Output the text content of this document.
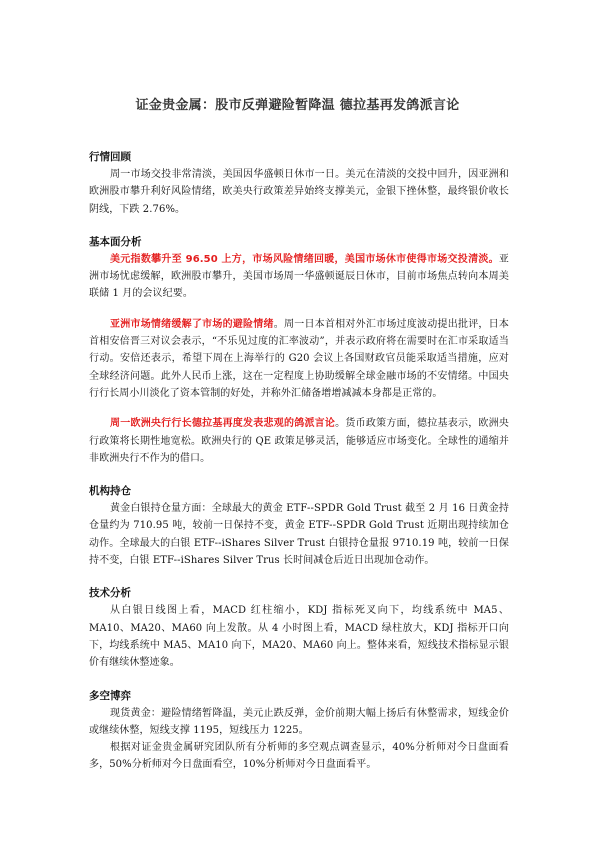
证金贵金属：股市反弹避险暂降温 德拉基再发鸽派言论
行情回顾

周一市场交投非常清淡，美国因华盛顿日休市一日。美元在清淡的交投中回升，因亚洲和欧洲股市攀升利好风险情绪，欧美央行政策差异始终支撑美元，金银下挫休整，最终银价收长阴线，下跌 2.76%。

基本面分析

美元指数攀升至 96.50 上方，市场风险情绪回暖，美国市场休市使得市场交投清淡。亚洲市场忧虑缓解，欧洲股市攀升，美国市场周一华盛顿诞辰日休市，目前市场焦点转向本周美联储 1 月的会议纪要。

亚洲市场情绪缓解了市场的避险情绪。周一日本首相对外汇市场过度波动提出批评，日本首相安倍晋三对议会表示，“不乐见过度的汇率波动”，并表示政府将在需要时在汇市采取适当行动。安倍还表示，希望下周在上海举行的 G20 会议上各国财政官员能采取适当措施，应对全球经济问题。此外人民币上涨，这在一定程度上协助缓解全球金融市场的不安情绪。中国央行行长周小川淡化了资本管制的好处，并称外汇储备增增减减本身都是正常的。

周一欧洲央行行长德拉基再度发表悲观的鸽派言论。货币政策方面，德拉基表示，欧洲央行政策将长期性地宽松。欧洲央行的 QE 政策足够灵活，能够适应市场变化。全球性的通缩并非欧洲央行不作为的借口。

机构持仓

黄金白银持仓量方面：全球最大的黄金 ETF--SPDR Gold Trust 截至 2 月 16 日黄金持仓量约为 710.95 吨，较前一日保持不变，黄金 ETF--SPDR Gold Trust 近期出现持续加仓动作。全球最大的白银 ETF--iShares Silver Trust 白银持仓量报 9710.19 吨，较前一日保持不变，白银 ETF--iShares Silver Trus 长时间减仓后近日出现加仓动作。

技术分析

从白银日线图上看，MACD 红柱缩小，KDJ 指标死叉向下，均线系统中 MA5、MA10、MA20、MA60 向上发散。从 4 小时图上看，MACD 绿柱放大，KDJ 指标开口向下，均线系统中 MA5、MA10 向下，MA20、MA60 向上。整体来看，短线技术指标显示银价有继续休整迹象。

多空博弈

现货黄金：避险情绪暂降温，美元止跌反弹，金价前期大幅上扬后有休整需求，短线金价或继续休整，短线支撑 1195，短线压力 1225。

根据对证金贵金属研究团队所有分析师的多空观点调查显示，40%分析师对今日盘面看多，50%分析师对今日盘面看空，10%分析师对今日盘面看平。
